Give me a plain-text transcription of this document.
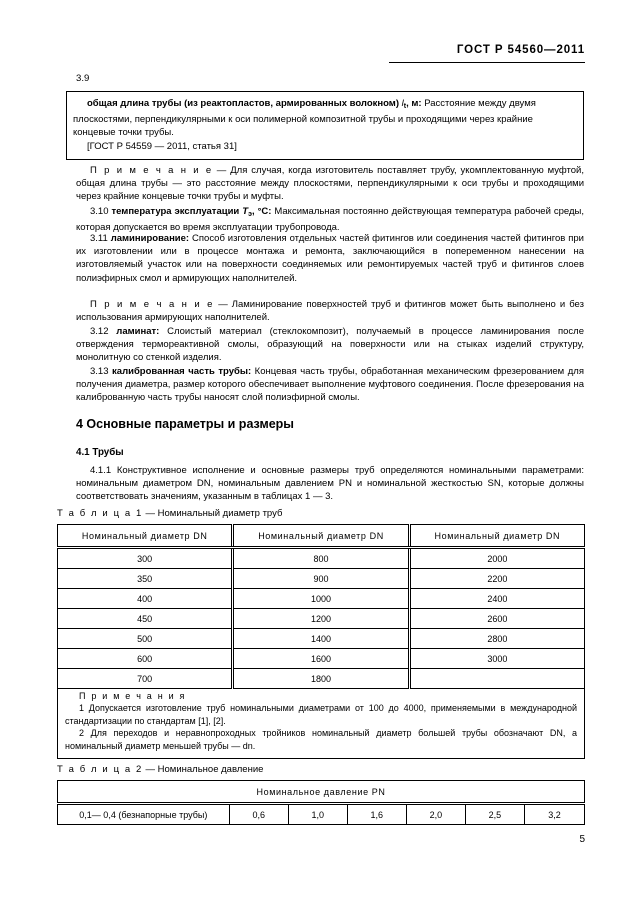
ГОСТ Р 54560—2011
3.9

общая длина трубы (из реактопластов, армированных волокном) $l_t$, м: Расстояние между двумя плоскостями, перпендикулярными к оси полимерной композитной трубы и проходящими через крайние концевые точки трубы.

[ГОСТ Р 54559 — 2011, статья 31]

П р и м е ч а н и е — Для случая, когда изготовитель поставляет трубу, укомплектованную муфтой, общая длина трубы — это расстояние между плоскостями, перпендикулярными к оси трубы и проходящими через крайние концевые точки трубы и муфты.
3.10 температура эксплуатации $T_э$, °C: Максимальная постоянно действующая температура рабочей среды, которая допускается во время эксплуатации трубопровода.
3.11 ламинирование: Способ изготовления отдельных частей фитингов или соединения частей фитингов при их изготовлении или в процессе монтажа и ремонта, заключающийся в попеременном нанесении на изготовляемый участок или на поверхности соединяемых или ремонтируемых частей труб и фитингов слоев полиэфирных смол и армирующих наполнителей.
П р и м е ч а н и е — Ламинирование поверхностей труб и фитингов может быть выполнено и без использования армирующих наполнителей.
3.12 ламинат: Слоистый материал (стеклокомпозит), получаемый в процессе ламинирования после отверждения термореактивной смолы, образующий на поверхности или на стыках изделий структуру, монолитную со стенкой изделия.
3.13 калиброванная часть трубы: Концевая часть трубы, обработанная механическим фрезерованием для получения диаметра, размер которого обеспечивает выполнение муфтового соединения. После фрезерования на калиброванную часть трубы наносят слой полиэфирной смолы.
4 Основные параметры и размеры
4.1 Трубы
4.1.1 Конструктивное исполнение и основные размеры труб определяются номинальными параметрами: номинальным диаметром DN, номинальным давлением PN и номинальной жесткостью SN, которые должны соответствовать значениям, указанным в таблицах 1 — 3.
Т а б л и ц а 1 — Номинальный диаметр труб
Номинальный диаметр DN	Номинальный диаметр DN	Номинальный диаметр DN
300	800	2000
350	900	2200
400	1000	2400
450	1200	2600
500	1400	2800
600	1600	3000
700	1800	

П р и м е ч а н и я

1 Допускается изготовление труб номинальными диаметрами от 100 до 4000, применяемыми в международной стандартизации по стандартам [1], [2].

2 Для переходов и неравнопроходных тройников номинальный диаметр большей трубы обозначают DN, а номинальный диаметр меньшей трубы — dn.

Т а б л и ц а 2 — Номинальное давление
Номинальное давление PN
0,1— 0,4 (безнапорные трубы)	0,6	1,0	1,6	2,0	2,5	3,2
5
